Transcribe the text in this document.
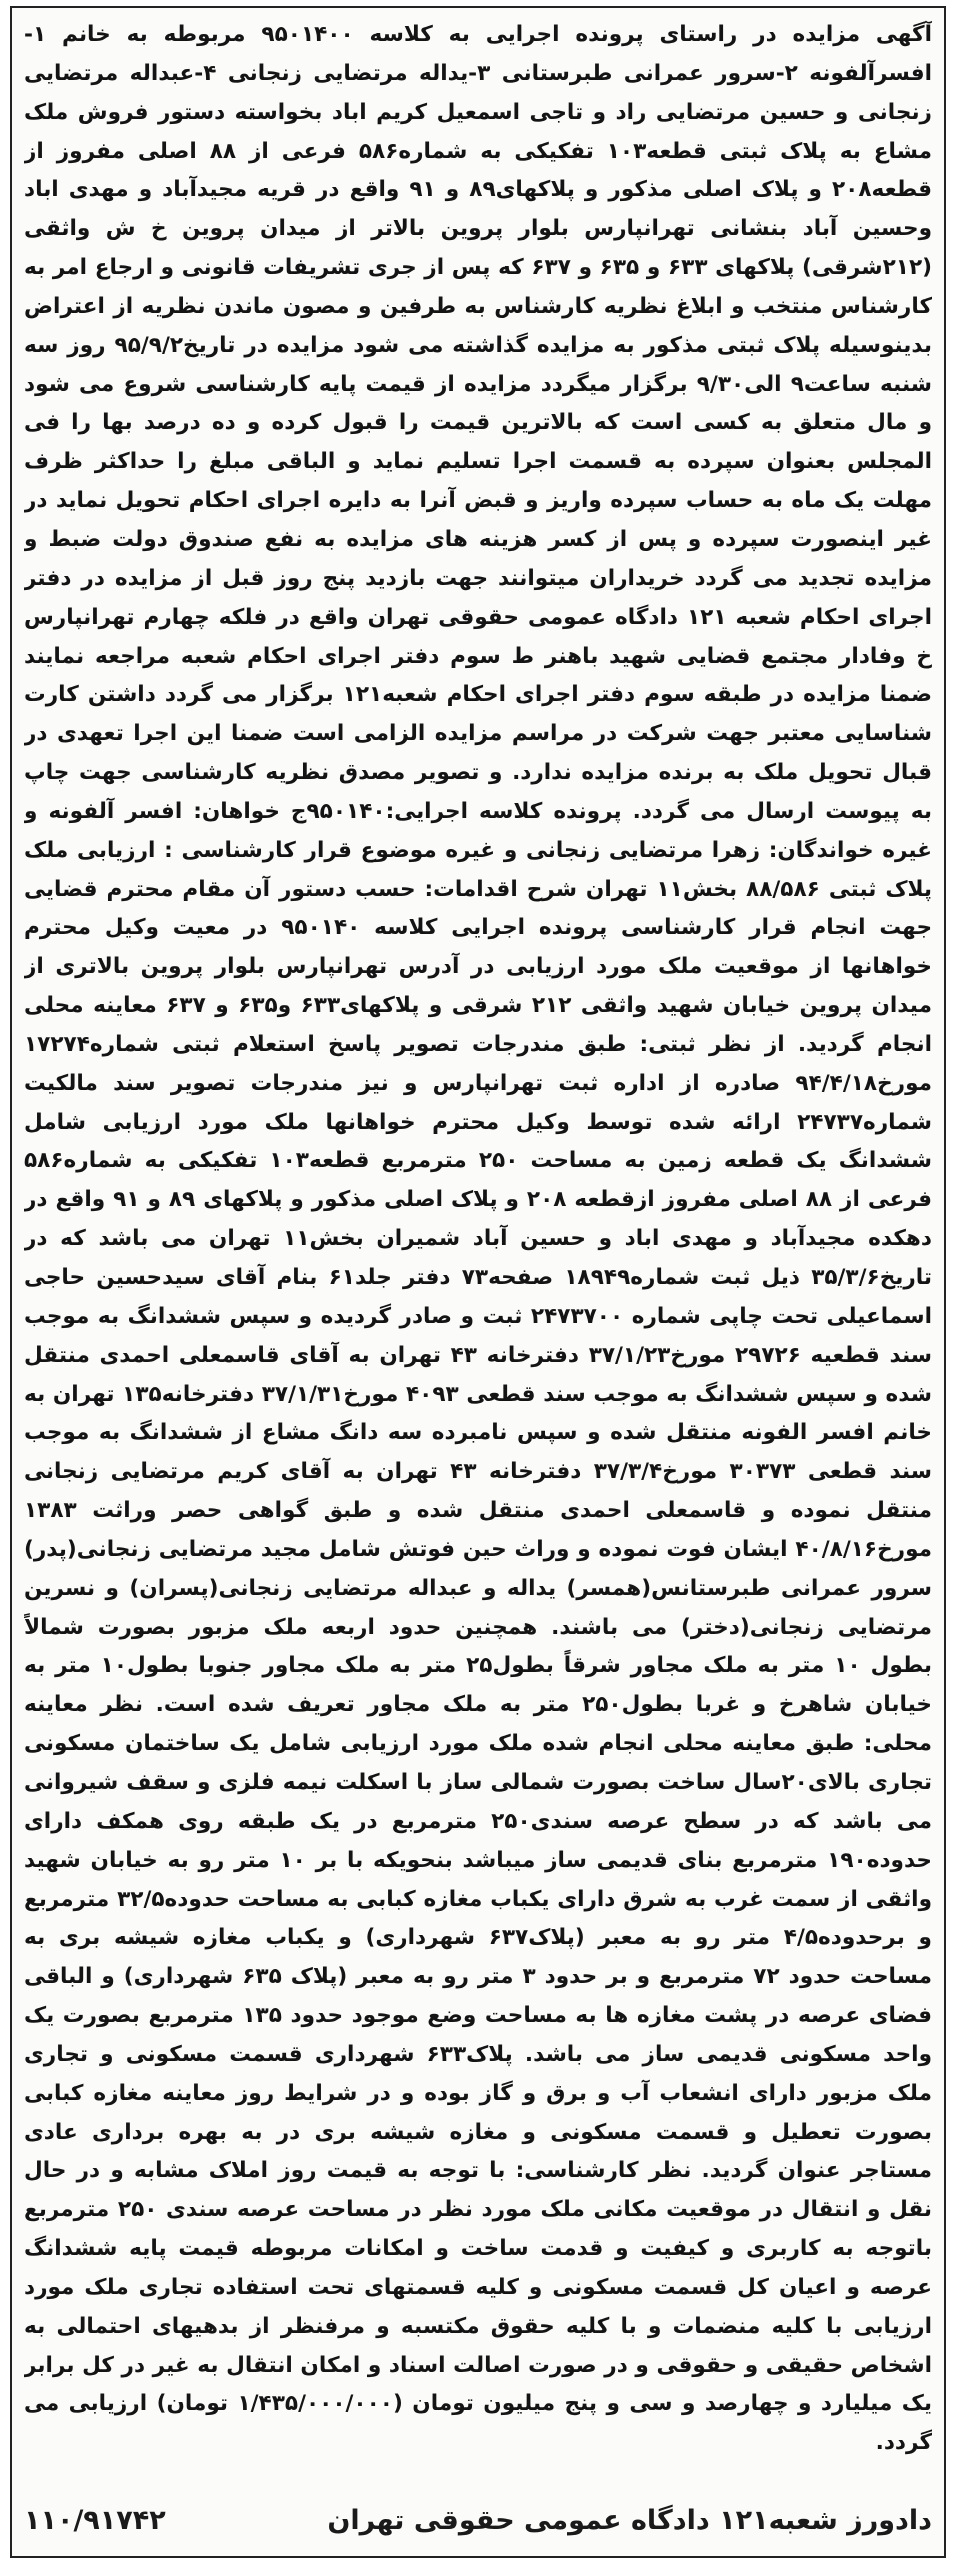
آگهی مزایده در راستای پرونده اجرایی به کلاسه ۹۵۰۱۴۰۰ مربوطه به خانم ۱-افسرآلفونه ۲-سرور عمرانی طبرستانی ۳-یداله مرتضایی زنجانی ۴-عبداله مرتضایی زنجانی و حسین مرتضایی راد و تاجی اسمعیل کریم اباد بخواسته دستور فروش ملک مشاع به پلاک ثبتی قطعه۱۰۳ تفکیکی به شماره۵۸۶ فرعی از ۸۸ اصلی مفروز از قطعه۲۰۸ و پلاک اصلی مذکور و پلاکهای۸۹ و ۹۱ واقع در قریه مجیدآباد و مهدی اباد وحسین آباد بنشانی تهرانپارس بلوار پروین بالاتر از میدان پروین خ ش واثقی (۲۱۲شرقی) پلاکهای ۶۳۳ و ۶۳۵ و ۶۳۷ که پس از جری تشریفات قانونی و ارجاع امر به کارشناس منتخب و ابلاغ نظریه کارشناس به طرفین و مصون ماندن نظریه از اعتراض بدینوسیله پلاک ثبتی مذکور به مزایده گذاشته می شود مزایده در تاریخ۹۵/۹/۲ روز سه شنبه ساعت۹ الی۹/۳۰ برگزار میگردد مزایده از قیمت پایه کارشناسی شروع می شود و مال متعلق به کسی است که بالاترین قیمت را قبول کرده و ده درصد بها را فی المجلس بعنوان سپرده به قسمت اجرا تسلیم نماید و الباقی مبلغ را حداکثر ظرف مهلت یک ماه به حساب سپرده واریز و قبض آنرا به دایره اجرای احکام تحویل نماید در غیر اینصورت سپرده و پس از کسر هزینه های مزایده به نفع صندوق دولت ضبط و مزایده تجدید می گردد خریداران میتوانند جهت بازدید پنج روز قبل از مزایده در دفتر اجرای احکام شعبه ۱۲۱ دادگاه عمومی حقوقی تهران واقع در فلکه چهارم تهرانپارس خ وفادار مجتمع قضایی شهید باهنر ط سوم دفتر اجرای احکام شعبه مراجعه نمایند ضمنا مزایده در طبقه سوم دفتر اجرای احکام شعبه۱۲۱ برگزار می گردد داشتن کارت شناسایی معتبر جهت شرکت در مراسم مزایده الزامی است ضمنا این اجرا تعهدی در قبال تحویل ملک به برنده مزایده ندارد. و تصویر مصدق نظریه کارشناسی جهت چاپ به پیوست ارسال می گردد. پرونده کلاسه اجرایی:۹۵۰۱۴۰ج خواهان: افسر آلفونه و غیره خواندگان: زهرا مرتضایی زنجانی و غیره موضوع قرار کارشناسی : ارزیابی ملک پلاک ثبتی ۸۸/۵۸۶ بخش۱۱ تهران شرح اقدامات: حسب دستور آن مقام محترم قضایی جهت انجام قرار کارشناسی پرونده اجرایی کلاسه ۹۵۰۱۴۰ در معیت وکیل محترم خواهانها از موقعیت ملک مورد ارزیابی در آدرس تهرانپارس بلوار پروین بالاتری از میدان پروین خیابان شهید واثقی ۲۱۲ شرقی و پلاکهای۶۳۳ و۶۳۵ و ۶۳۷ معاینه محلی انجام گردید. از نظر ثبتی: طبق مندرجات تصویر پاسخ استعلام ثبتی شماره۱۷۲۷۴ مورخ۹۴/۴/۱۸ صادره از اداره ثبت تهرانپارس و نیز مندرجات تصویر سند مالکیت شماره۲۴۷۳۷ ارائه شده توسط وکیل محترم خواهانها ملک مورد ارزیابی شامل ششدانگ یک قطعه زمین به مساحت ۲۵۰ مترمربع قطعه۱۰۳ تفکیکی به شماره۵۸۶ فرعی از ۸۸ اصلی مفروز ازقطعه ۲۰۸ و پلاک اصلی مذکور و پلاکهای ۸۹ و ۹۱ واقع در دهکده مجیدآباد و مهدی اباد و حسین آباد شمیران بخش۱۱ تهران می باشد که در تاریخ۳۵/۳/۶ ذیل ثبت شماره۱۸۹۴۹ صفحه۷۳ دفتر جلد۶۱ بنام آقای سیدحسین حاجی اسماعیلی تحت چاپی شماره ۲۴۷۳۷۰۰ ثبت و صادر گردیده و سپس ششدانگ به موجب سند قطعیه ۲۹۷۲۶ مورخ۳۷/۱/۲۳ دفترخانه ۴۳ تهران به آقای قاسمعلی احمدی منتقل شده و سپس ششدانگ به موجب سند قطعی ۴۰۹۳ مورخ۳۷/۱/۳۱ دفترخانه۱۳۵ تهران به خانم افسر الفونه منتقل شده و سپس نامبرده سه دانگ مشاع از ششدانگ به موجب سند قطعی ۳۰۳۷۳ مورخ۳۷/۳/۴ دفترخانه ۴۳ تهران به آقای کریم مرتضایی زنجانی منتقل نموده و قاسمعلی احمدی منتقل شده و طبق گواهی حصر وراثت ۱۳۸۳ مورخ۴۰/۸/۱۶ ایشان فوت نموده و وراث حین فوتش شامل مجید مرتضایی زنجانی(پدر) سرور عمرانی طبرستانس(همسر) یداله و عبداله مرتضایی زنجانی(پسران) و نسرین مرتضایی زنجانی(دختر) می باشند. همچنین حدود اربعه ملک مزبور بصورت شمالاً بطول ۱۰ متر به ملک مجاور شرقاً بطول۲۵ متر به ملک مجاور جنوبا بطول۱۰ متر به خیابان شاهرخ و غربا بطول۲۵۰ متر به ملک مجاور تعریف شده است. نظر معاینه محلی: طبق معاینه محلی انجام شده ملک مورد ارزیابی شامل یک ساختمان مسکونی تجاری بالای۲۰سال ساخت بصورت شمالی ساز با اسکلت نیمه فلزی و سقف شیروانی می باشد که در سطح عرصه سندی۲۵۰ مترمربع در یک طبقه روی همکف دارای حدوده۱۹۰ مترمربع بنای قدیمی ساز میباشد بنحویکه با بر ۱۰ متر رو به خیابان شهید واثقی از سمت غرب به شرق دارای یکباب مغازه کبابی به مساحت حدوده۳۲/۵ مترمربع و برحدوده۴/۵ متر رو به معبر (پلاک۶۳۷ شهرداری) و یکباب مغازه شیشه بری به مساحت حدود ۷۲ مترمربع و بر حدود ۳ متر رو به معبر (پلاک ۶۳۵ شهرداری) و الباقی فضای عرصه در پشت مغازه ها به مساحت وضع موجود حدود ۱۳۵ مترمربع بصورت یک واحد مسکونی قدیمی ساز می باشد. پلاک۶۳۳ شهرداری قسمت مسکونی و تجاری ملک مزبور دارای انشعاب آب و برق و گاز بوده و در شرایط روز معاینه مغازه کبابی بصورت تعطیل و قسمت مسکونی و مغازه شیشه بری در به بهره برداری عادی مستاجر عنوان گردید. نظر کارشناسی: با توجه به قیمت روز املاک مشابه و در حال نقل و انتقال در موقعیت مکانی ملک مورد نظر در مساحت عرصه سندی ۲۵۰ مترمربع باتوجه به کاربری و کیفیت و قدمت ساخت و امکانات مربوطه قیمت پایه ششدانگ عرصه و اعیان کل قسمت مسکونی و کلیه قسمتهای تحت استفاده تجاری ملک مورد ارزیابی با کلیه منضمات و با کلیه حقوق مکتسبه و مرفنظر از بدهیهای احتمالی به اشخاص حقیقی و حقوقی و در صورت اصالت اسناد و امکان انتقال به غیر در کل برابر یک میلیارد و چهارصد و سی و پنج میلیون تومان (۱/۴۳۵/۰۰۰/۰۰۰ تومان) ارزیابی می گردد.

دادورز شعبه۱۲۱ دادگاه عمومی حقوقی تهران
۱۱۰/۹۱۷۴۲
